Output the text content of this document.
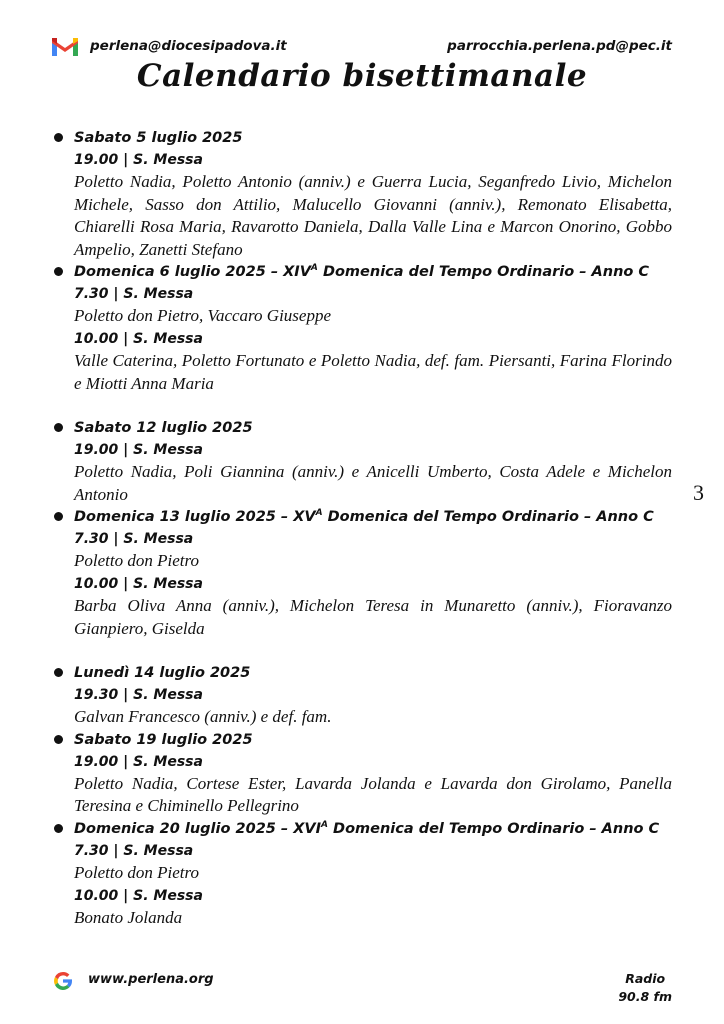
perlena@diocesipadova.it	parrocchia.perlena.pd@pec.it
Calendario bisettimanale
Sabato 5 luglio 2025
19.00 | S. Messa
Poletto Nadia, Poletto Antonio (anniv.) e Guerra Lucia, Seganfredo Livio, Michelon Michele, Sasso don Attilio, Malucello Giovanni (anniv.), Remonato Elisabetta, Chiarelli Rosa Maria, Ravarotto Daniela, Dalla Valle Lina e Marcon Onorino, Gobbo Ampelio, Zanetti Stefano
Domenica 6 luglio $2025 - XIV^A$ Domenica del Tempo Ordinario – Anno C
7.30 | S. Messa
Poletto don Pietro, Vaccaro Giuseppe
10.00 | S. Messa
Valle Caterina, Poletto Fortunato e Poletto Nadia, def. fam. Piersanti, Farina Florindo e Miotti Anna Maria
Sabato 12 luglio 2025
19.00 | S. Messa
Poletto Nadia, Poli Giannina (anniv.) e Anicelli Umberto, Costa Adele e Michelon Antonio
Domenica 13 luglio $2025 - XV^A$ Domenica del Tempo Ordinario – Anno C
7.30 | S. Messa
Poletto don Pietro
10.00 | S. Messa
Barba Oliva Anna (anniv.), Michelon Teresa in Munaretto (anniv.), Fioravanzo Gianpiero, Giselda
Lunedì 14 luglio 2025
19.30 | S. Messa
Galvan Francesco (anniv.) e def. fam.
Sabato 19 luglio 2025
19.00 | S. Messa
Poletto Nadia, Cortese Ester, Lavarda Jolanda e Lavarda don Girolamo, Panella Teresina e Chiminello Pellegrino
Domenica 20 luglio $2025 - XVI^A$ Domenica del Tempo Ordinario – Anno C
7.30 | S. Messa
Poletto don Pietro
10.00 | S. Messa
Bonato Jolanda
3
www.perlena.org	Radio
90.8 fm
